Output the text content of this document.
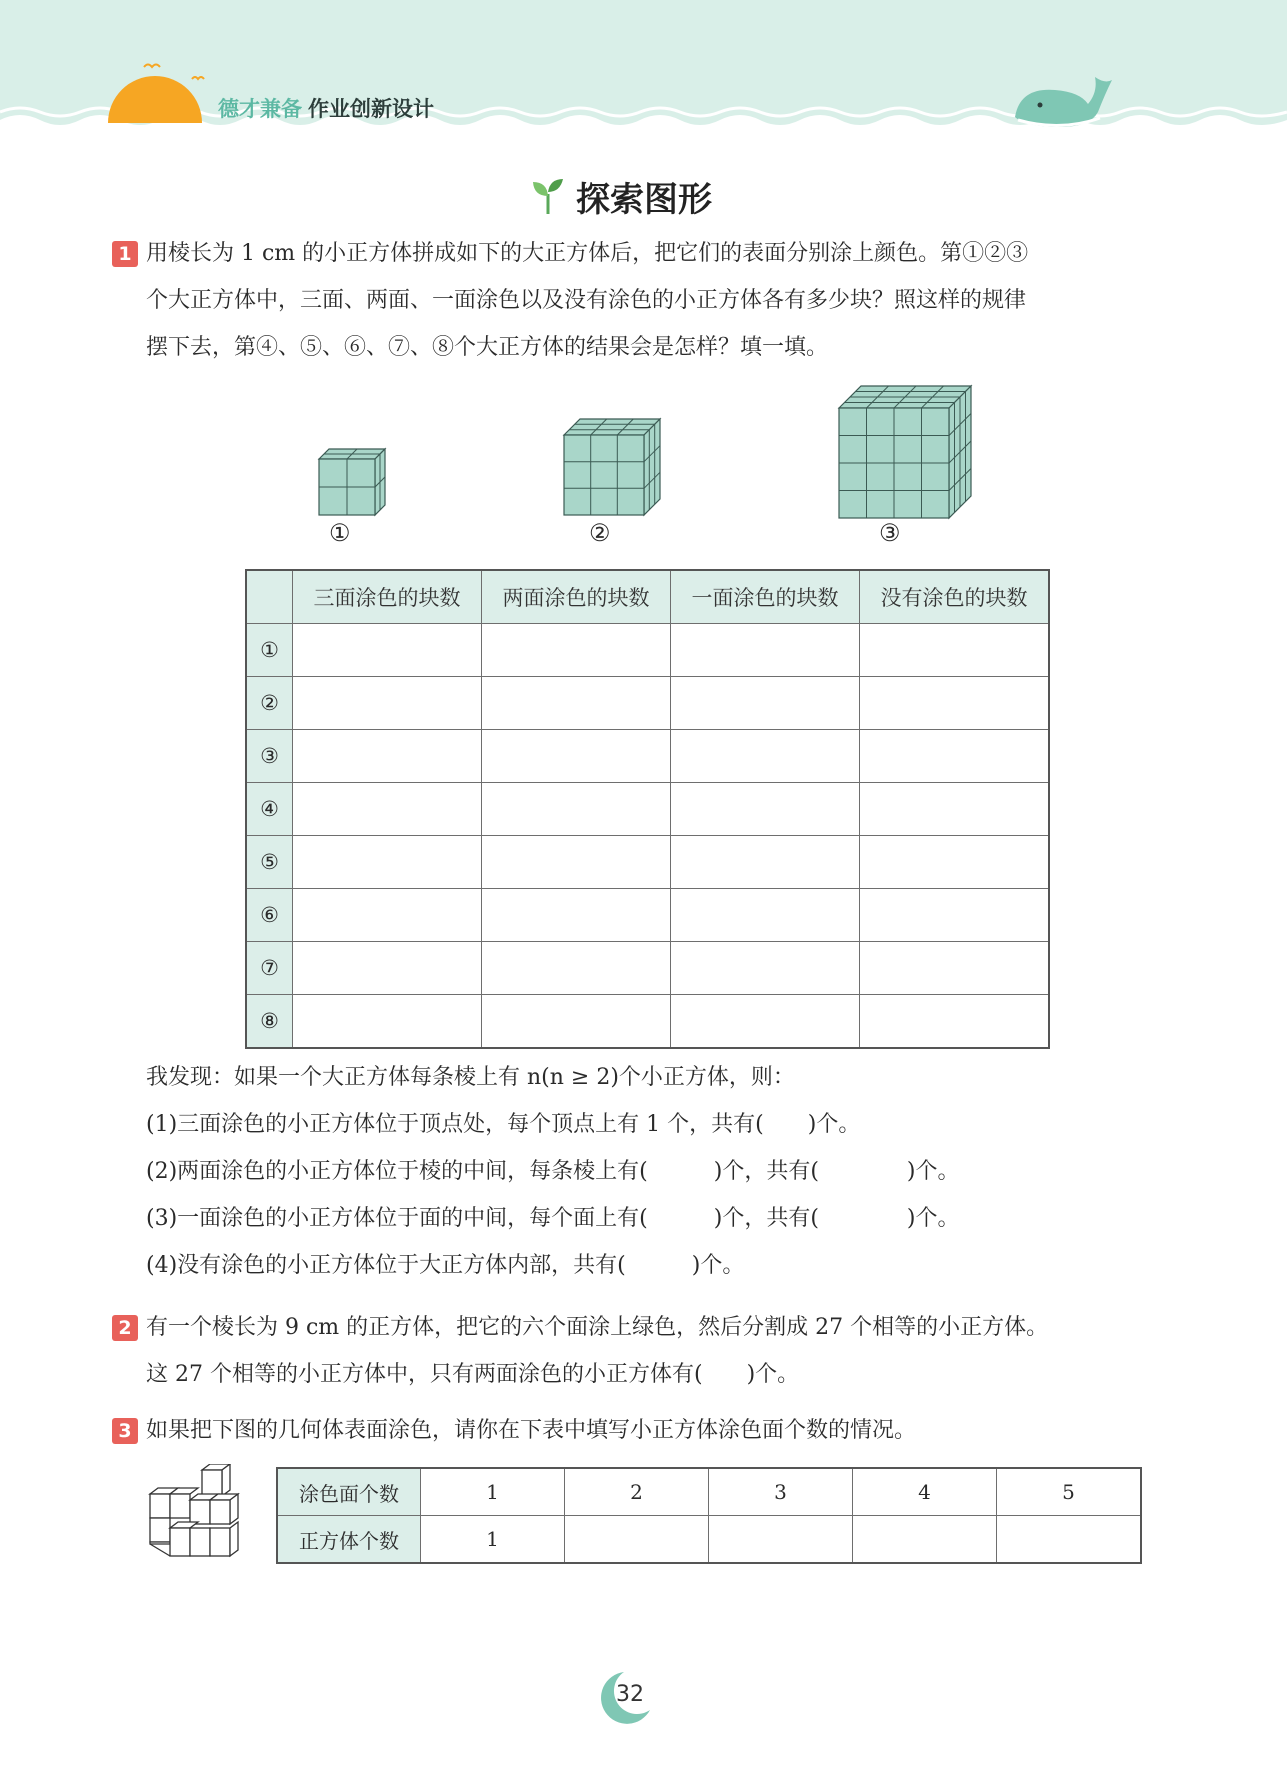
德才兼备 作业创新设计
探索图形
1 用棱长为 1 cm 的小正方体拼成如下的大正方体后，把它们的表面分别涂上颜色。第①②③
个大正方体中，三面、两面、一面涂色以及没有涂色的小正方体各有多少块？照这样的规律
摆下去，第④、⑤、⑥、⑦、⑧个大正方体的结果会是怎样？填一填。
①	②	③
	三面涂色的块数	两面涂色的块数	一面涂色的块数	没有涂色的块数
①				
②				
③				
④				
⑤				
⑥				
⑦				
⑧				
我发现：如果一个大正方体每条棱上有 n(n ≥ 2)个小正方体，则：
(1)三面涂色的小正方体位于顶点处，每个顶点上有 1 个，共有(　　)个。
(2)两面涂色的小正方体位于棱的中间，每条棱上有(　　　)个，共有(　　　　)个。
(3)一面涂色的小正方体位于面的中间，每个面上有(　　　)个，共有(　　　　)个。
(4)没有涂色的小正方体位于大正方体内部，共有(　　　)个。
2 有一个棱长为 9 cm 的正方体，把它的六个面涂上绿色，然后分割成 27 个相等的小正方体。
这 27 个相等的小正方体中，只有两面涂色的小正方体有(　　)个。
3 如果把下图的几何体表面涂色，请你在下表中填写小正方体涂色面个数的情况。
涂色面个数	1	2	3	4	5
正方体个数	1				
32
